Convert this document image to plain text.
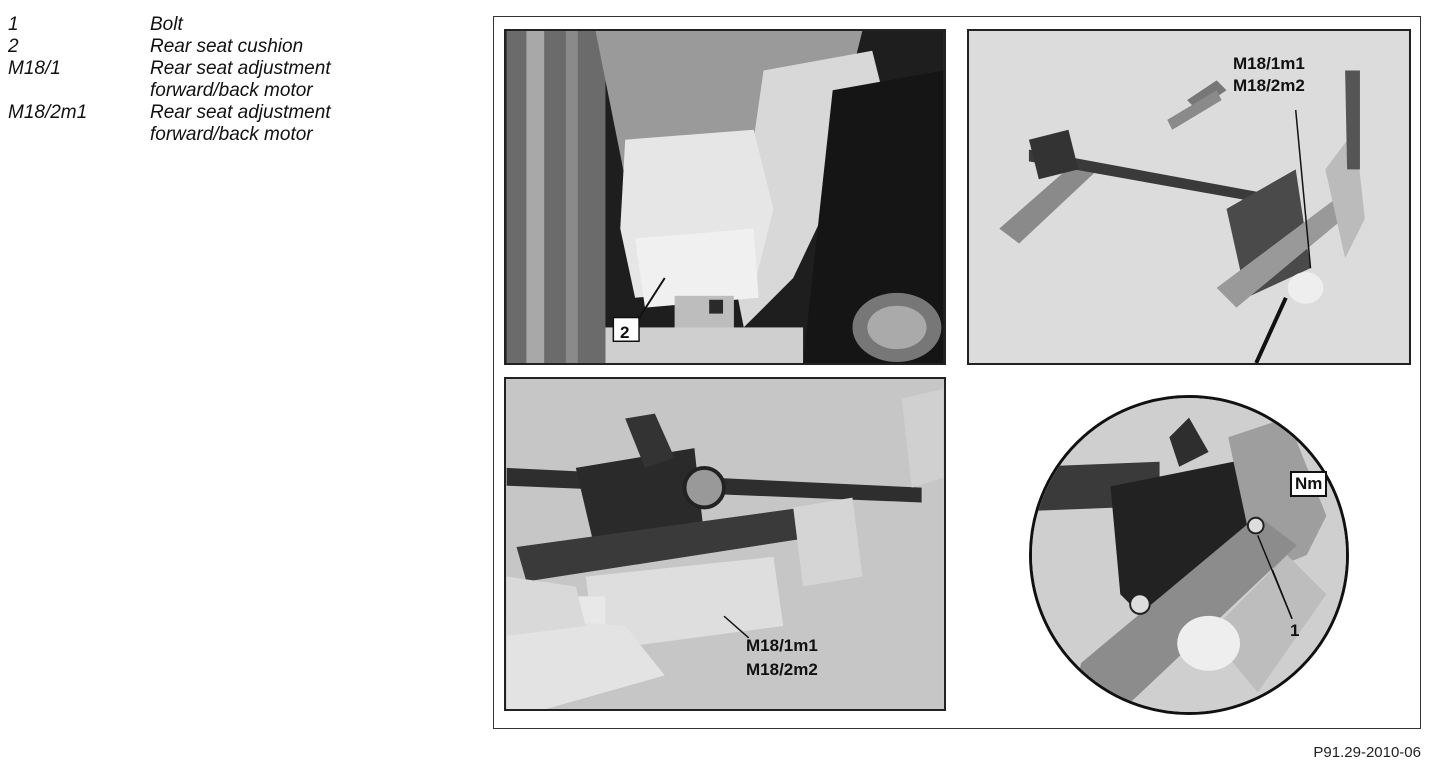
1	Bolt
2	Rear seat cushion
M18/1	Rear seat adjustment forward/back motor
M18/2m1	Rear seat adjustment forward/back motor
2
M18/1m1
M18/2m2
M18/1m1
M18/2m2
1
Nm
P91.29-2010-06
